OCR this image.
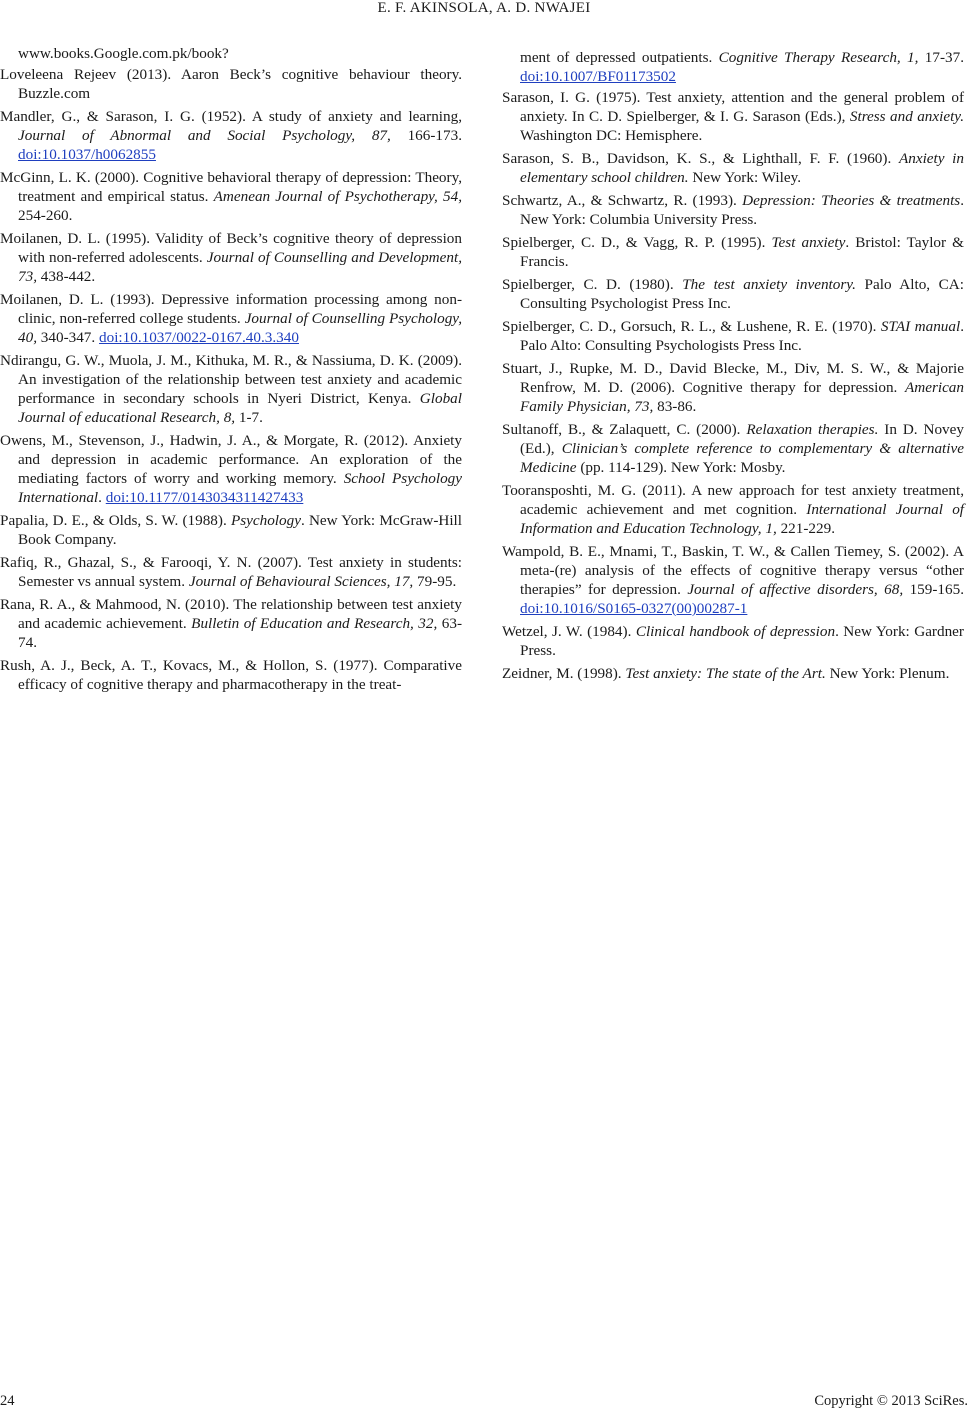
E. F. AKINSOLA, A. D. NWAJEI

www.books.Google.com.pk/book?

Loveleena Rejeev (2013). Aaron Beck’s cognitive behaviour theory. Buzzle.com

Mandler, G., & Sarason, I. G. (1952). A study of anxiety and learning, Journal of Abnormal and Social Psychology, 87, 166-173. doi:10.1037/h0062855

McGinn, L. K. (2000). Cognitive behavioral therapy of depression: Theory, treatment and empirical status. Amenean Journal of Psychotherapy, 54, 254-260.

Moilanen, D. L. (1995). Validity of Beck’s cognitive theory of depression with non-referred adolescents. Journal of Counselling and Development, 73, 438-442.

Moilanen, D. L. (1993). Depressive information processing among non-clinic, non-referred college students. Journal of Counselling Psychology, 40, 340-347. doi:10.1037/0022-0167.40.3.340

Ndirangu, G. W., Muola, J. M., Kithuka, M. R., & Nassiuma, D. K. (2009). An investigation of the relationship between test anxiety and academic performance in secondary schools in Nyeri District, Kenya. Global Journal of educational Research, 8, 1-7.

Owens, M., Stevenson, J., Hadwin, J. A., & Morgate, R. (2012). Anxiety and depression in academic performance. An exploration of the mediating factors of worry and working memory. School Psychology International. doi:10.1177/0143034311427433

Papalia, D. E., & Olds, S. W. (1988). Psychology. New York: McGraw-Hill Book Company.

Rafiq, R., Ghazal, S., & Farooqi, Y. N. (2007). Test anxiety in students: Semester vs annual system. Journal of Behavioural Sciences, 17, 79-95.

Rana, R. A., & Mahmood, N. (2010). The relationship between test anxiety and academic achievement. Bulletin of Education and Research, 32, 63-74.

Rush, A. J., Beck, A. T., Kovacs, M., & Hollon, S. (1977). Comparative efficacy of cognitive therapy and pharmacotherapy in the treat-

ment of depressed outpatients. Cognitive Therapy Research, 1, 17-37. doi:10.1007/BF01173502

Sarason, I. G. (1975). Test anxiety, attention and the general problem of anxiety. In C. D. Spielberger, & I. G. Sarason (Eds.), Stress and anxiety. Washington DC: Hemisphere.

Sarason, S. B., Davidson, K. S., & Lighthall, F. F. (1960). Anxiety in elementary school children. New York: Wiley.

Schwartz, A., & Schwartz, R. (1993). Depression: Theories & treatments. New York: Columbia University Press.

Spielberger, C. D., & Vagg, R. P. (1995). Test anxiety. Bristol: Taylor & Francis.

Spielberger, C. D. (1980). The test anxiety inventory. Palo Alto, CA: Consulting Psychologist Press Inc.

Spielberger, C. D., Gorsuch, R. L., & Lushene, R. E. (1970). STAI manual. Palo Alto: Consulting Psychologists Press Inc.

Stuart, J., Rupke, M. D., David Blecke, M., Div, M. S. W., & Majorie Renfrow, M. D. (2006). Cognitive therapy for depression. American Family Physician, 73, 83-86.

Sultanoff, B., & Zalaquett, C. (2000). Relaxation therapies. In D. Novey (Ed.), Clinician’s complete reference to complementary & alternative Medicine (pp. 114-129). New York: Mosby.

Tooransposhti, M. G. (2011). A new approach for test anxiety treatment, academic achievement and met cognition. International Journal of Information and Education Technology, 1, 221-229.

Wampold, B. E., Mnami, T., Baskin, T. W., & Callen Tiemey, S. (2002). A meta-(re) analysis of the effects of cognitive therapy versus “other therapies” for depression. Journal of affective disorders, 68, 159-165. doi:10.1016/S0165-0327(00)00287-1

Wetzel, J. W. (1984). Clinical handbook of depression. New York: Gardner Press.

Zeidner, M. (1998). Test anxiety: The state of the Art. New York: Plenum.

24	Copyright © 2013 SciRes.
